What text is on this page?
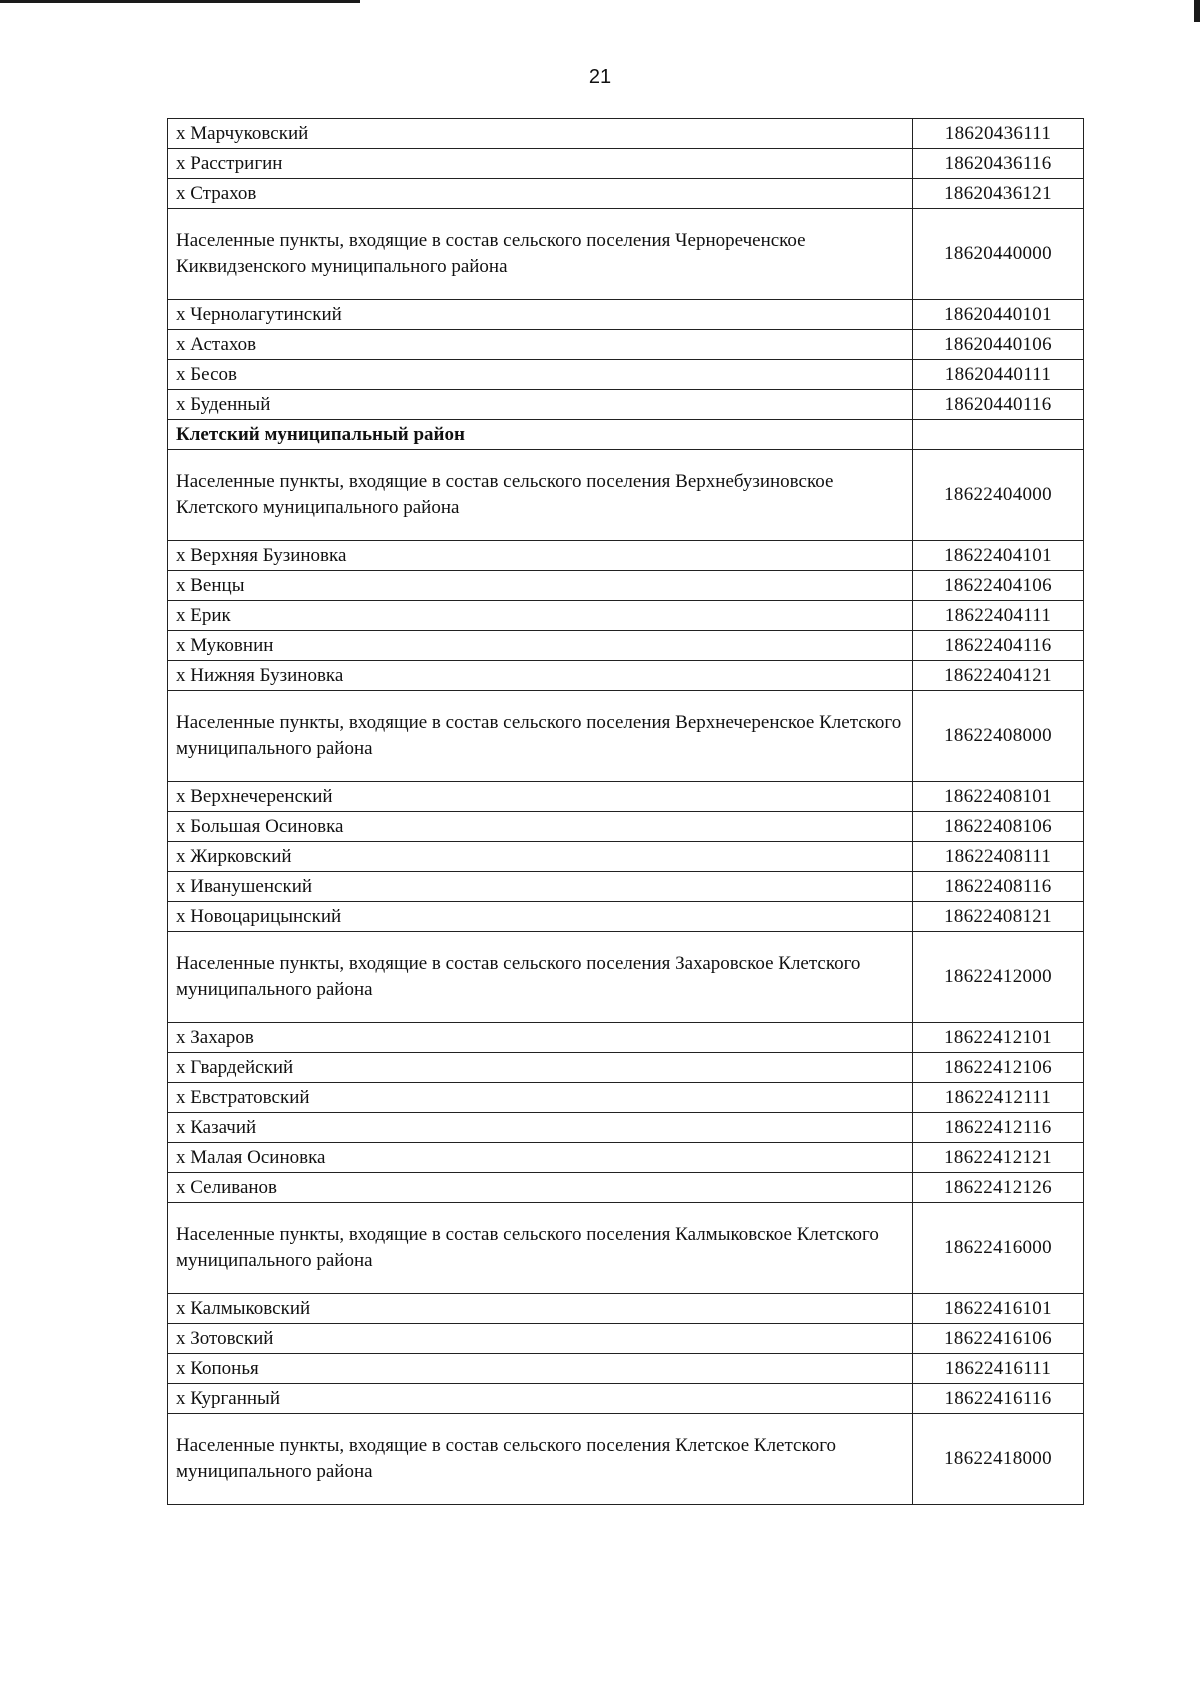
21
х Марчуковский	18620436111
х Расстригин	18620436116
х Страхов	18620436121
Населенные пункты, входящие в состав сельского поселения Чернореченское Киквидзенского муниципального района	18620440000
х Чернолагутинский	18620440101
х Астахов	18620440106
х Бесов	18620440111
х Буденный	18620440116
Клетский муниципальный район	
Населенные пункты, входящие в состав сельского поселения Верхнебузиновское Клетского муниципального района	18622404000
х Верхняя Бузиновка	18622404101
х Венцы	18622404106
х Ерик	18622404111
х Муковнин	18622404116
х Нижняя Бузиновка	18622404121
Населенные пункты, входящие в состав сельского поселения Верхнечеренское Клетского муниципального района	18622408000
х Верхнечеренский	18622408101
х Большая Осиновка	18622408106
х Жирковский	18622408111
х Иванушенский	18622408116
х Новоцарицынский	18622408121
Населенные пункты, входящие в состав сельского поселения Захаровское Клетского муниципального района	18622412000
х Захаров	18622412101
х Гвардейский	18622412106
х Евстратовский	18622412111
х Казачий	18622412116
х Малая Осиновка	18622412121
х Селиванов	18622412126
Населенные пункты, входящие в состав сельского поселения Калмыковское Клетского муниципального района	18622416000
х Калмыковский	18622416101
х Зотовский	18622416106
х Копонья	18622416111
х Курганный	18622416116
Населенные пункты, входящие в состав сельского поселения Клетское Клетского муниципального района	18622418000
